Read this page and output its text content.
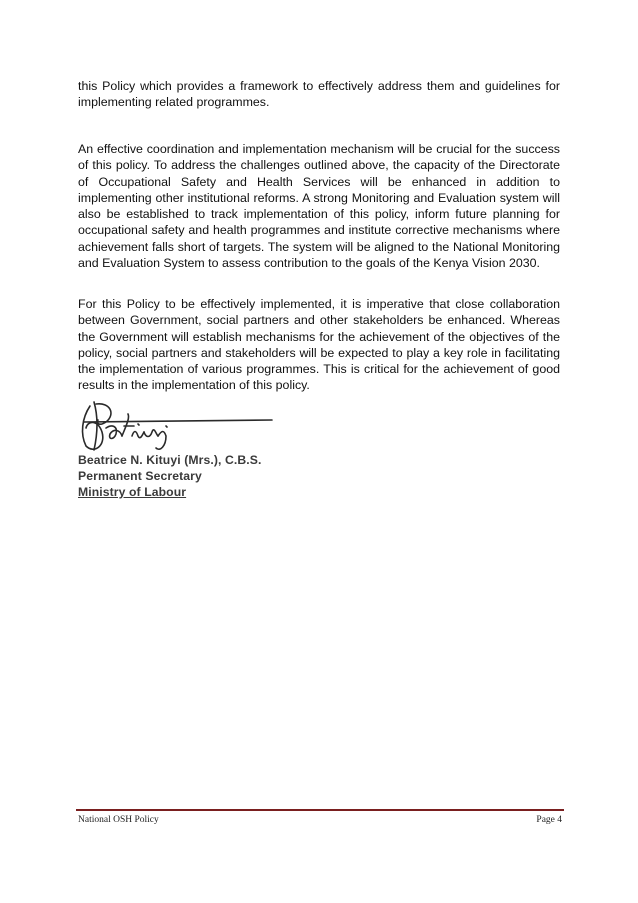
this Policy which provides a framework to effectively address them and guidelines for implementing related programmes.

An effective coordination and implementation mechanism will be crucial for the success of this policy. To address the challenges outlined above, the capacity of the Directorate of Occupational Safety and Health Services will be enhanced in addition to implementing other institutional reforms. A strong Monitoring and Evaluation system will also be established to track implementation of this policy, inform future planning for occupational safety and health programmes and institute corrective mechanisms where achievement falls short of targets. The system will be aligned to the National Monitoring and Evaluation System to assess contribution to the goals of the Kenya Vision 2030.

For this Policy to be effectively implemented, it is imperative that close collaboration between Government, social partners and other stakeholders be enhanced. Whereas the Government will establish mechanisms for the achievement of the objectives of the policy, social partners and stakeholders will be expected to play a key role in facilitating the implementation of various programmes. This is critical for the achievement of good results in the implementation of this policy.

Beatrice N. Kituyi (Mrs.), C.B.S.
Permanent Secretary
Ministry of Labour
National OSH Policy	Page 4
